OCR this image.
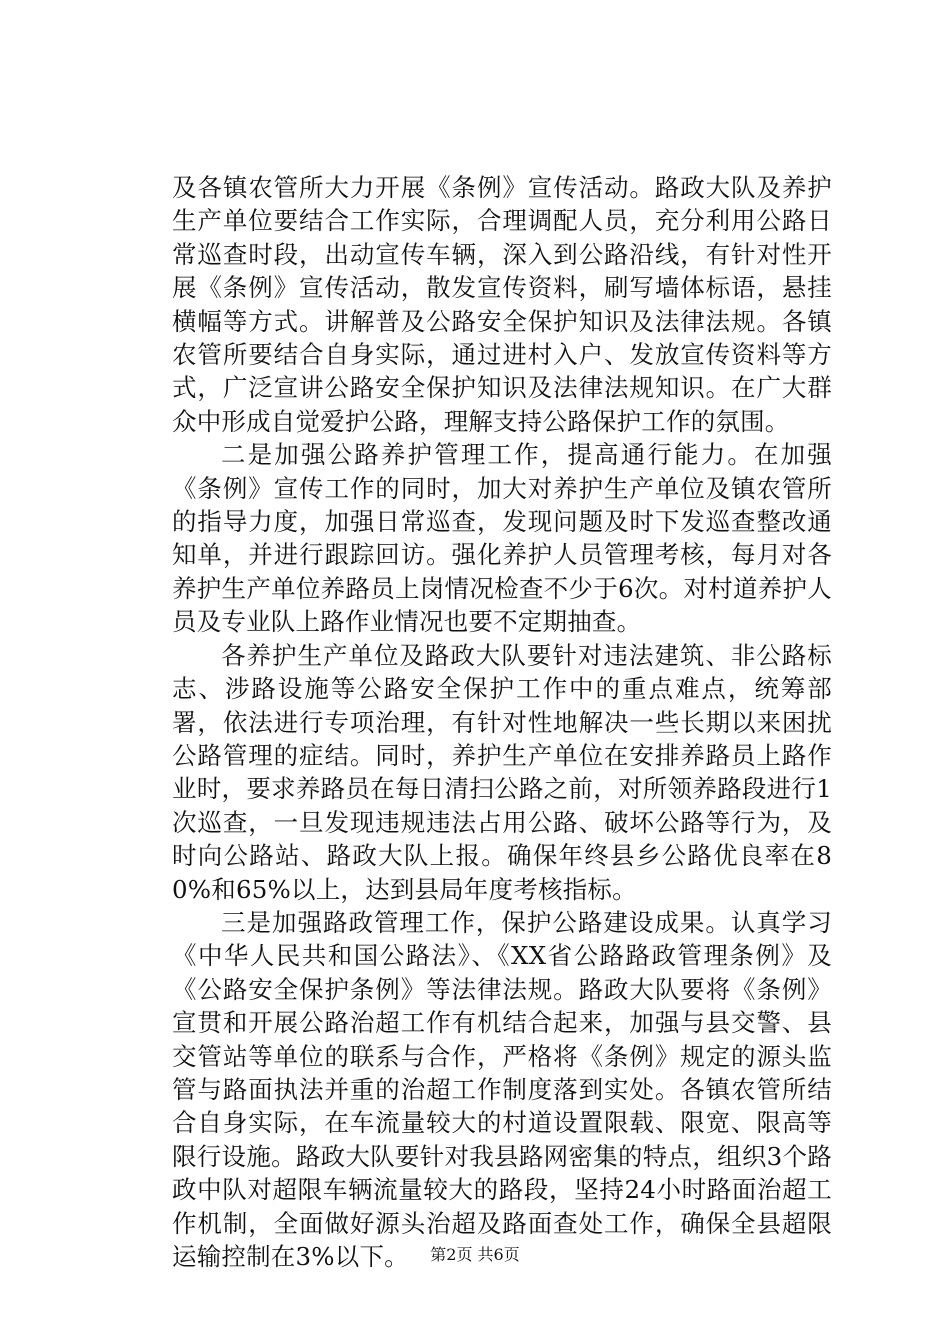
及各镇农管所大力开展《条例》宣传活动。路政大队及养护生产单位要结合工作实际，合理调配人员，充分利用公路日常巡查时段，出动宣传车辆，深入到公路沿线，有针对性开展《条例》宣传活动，散发宣传资料，刷写墙体标语，悬挂横幅等方式。讲解普及公路安全保护知识及法律法规。各镇农管所要结合自身实际，通过进村入户、发放宣传资料等方式，广泛宣讲公路安全保护知识及法律法规知识。在广大群众中形成自觉爱护公路，理解支持公路保护工作的氛围。

二是加强公路养护管理工作，提高通行能力。在加强《条例》宣传工作的同时，加大对养护生产单位及镇农管所的指导力度，加强日常巡查，发现问题及时下发巡查整改通知单，并进行跟踪回访。强化养护人员管理考核，每月对各养护生产单位养路员上岗情况检查不少于6次。对村道养护人员及专业队上路作业情况也要不定期抽查。

各养护生产单位及路政大队要针对违法建筑、非公路标志、涉路设施等公路安全保护工作中的重点难点，统筹部署，依法进行专项治理，有针对性地解决一些长期以来困扰公路管理的症结。同时，养护生产单位在安排养路员上路作业时，要求养路员在每日清扫公路之前，对所领养路段进行1次巡查，一旦发现违规违法占用公路、破坏公路等行为，及时向公路站、路政大队上报。确保年终县乡公路优良率在80%和65%以上，达到县局年度考核指标。

三是加强路政管理工作，保护公路建设成果。认真学习《中华人民共和国公路法》、《XX省公路路政管理条例》及《公路安全保护条例》等法律法规。路政大队要将《条例》宣贯和开展公路治超工作有机结合起来，加强与县交警、县交管站等单位的联系与合作，严格将《条例》规定的源头监管与路面执法并重的治超工作制度落到实处。各镇农管所结合自身实际，在车流量较大的村道设置限载、限宽、限高等限行设施。路政大队要针对我县路网密集的特点，组织3个路政中队对超限车辆流量较大的路段，坚持24小时路面治超工作机制，全面做好源头治超及路面查处工作，确保全县超限运输控制在3%以下。	第2页 共6页
